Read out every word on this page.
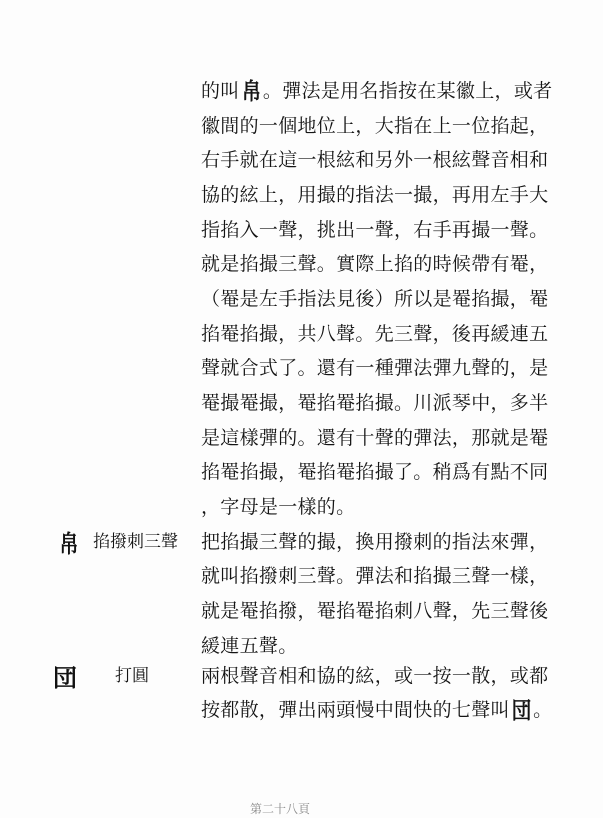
的叫帛。彈法是用名指按在某徽上，或者
徽間的一個地位上，大指在上一位掐起，
右手就在這一根絃和另外一根絃聲音相和
協的絃上，用撮的指法一撮，再用左手大
指掐入一聲，挑出一聲，右手再撮一聲。
就是掐撮三聲。實際上掐的時候帶有罨，
（罨是左手指法見後）所以是罨掐撮，罨
掐罨掐撮，共八聲。先三聲，後再緩連五
聲就合式了。還有一種彈法彈九聲的，是
罨撮罨撮，罨掐罨掐撮。川派琴中，多半
是這樣彈的。還有十聲的彈法，那就是罨
掐罨掐撮，罨掐罨掐撮了。稍爲有點不同
，字母是一樣的。
帛 掐撥刺三聲 把掐撮三聲的撮，換用撥刺的指法來彈，
就叫掐撥刺三聲。彈法和掐撮三聲一樣，
就是罨掐撥，罨掐罨掐刺八聲，先三聲後
緩連五聲。
団 打圓	兩根聲音相和協的絃，或一按一散，或都
按都散，彈出兩頭慢中間快的七聲叫団。
第二十八頁
